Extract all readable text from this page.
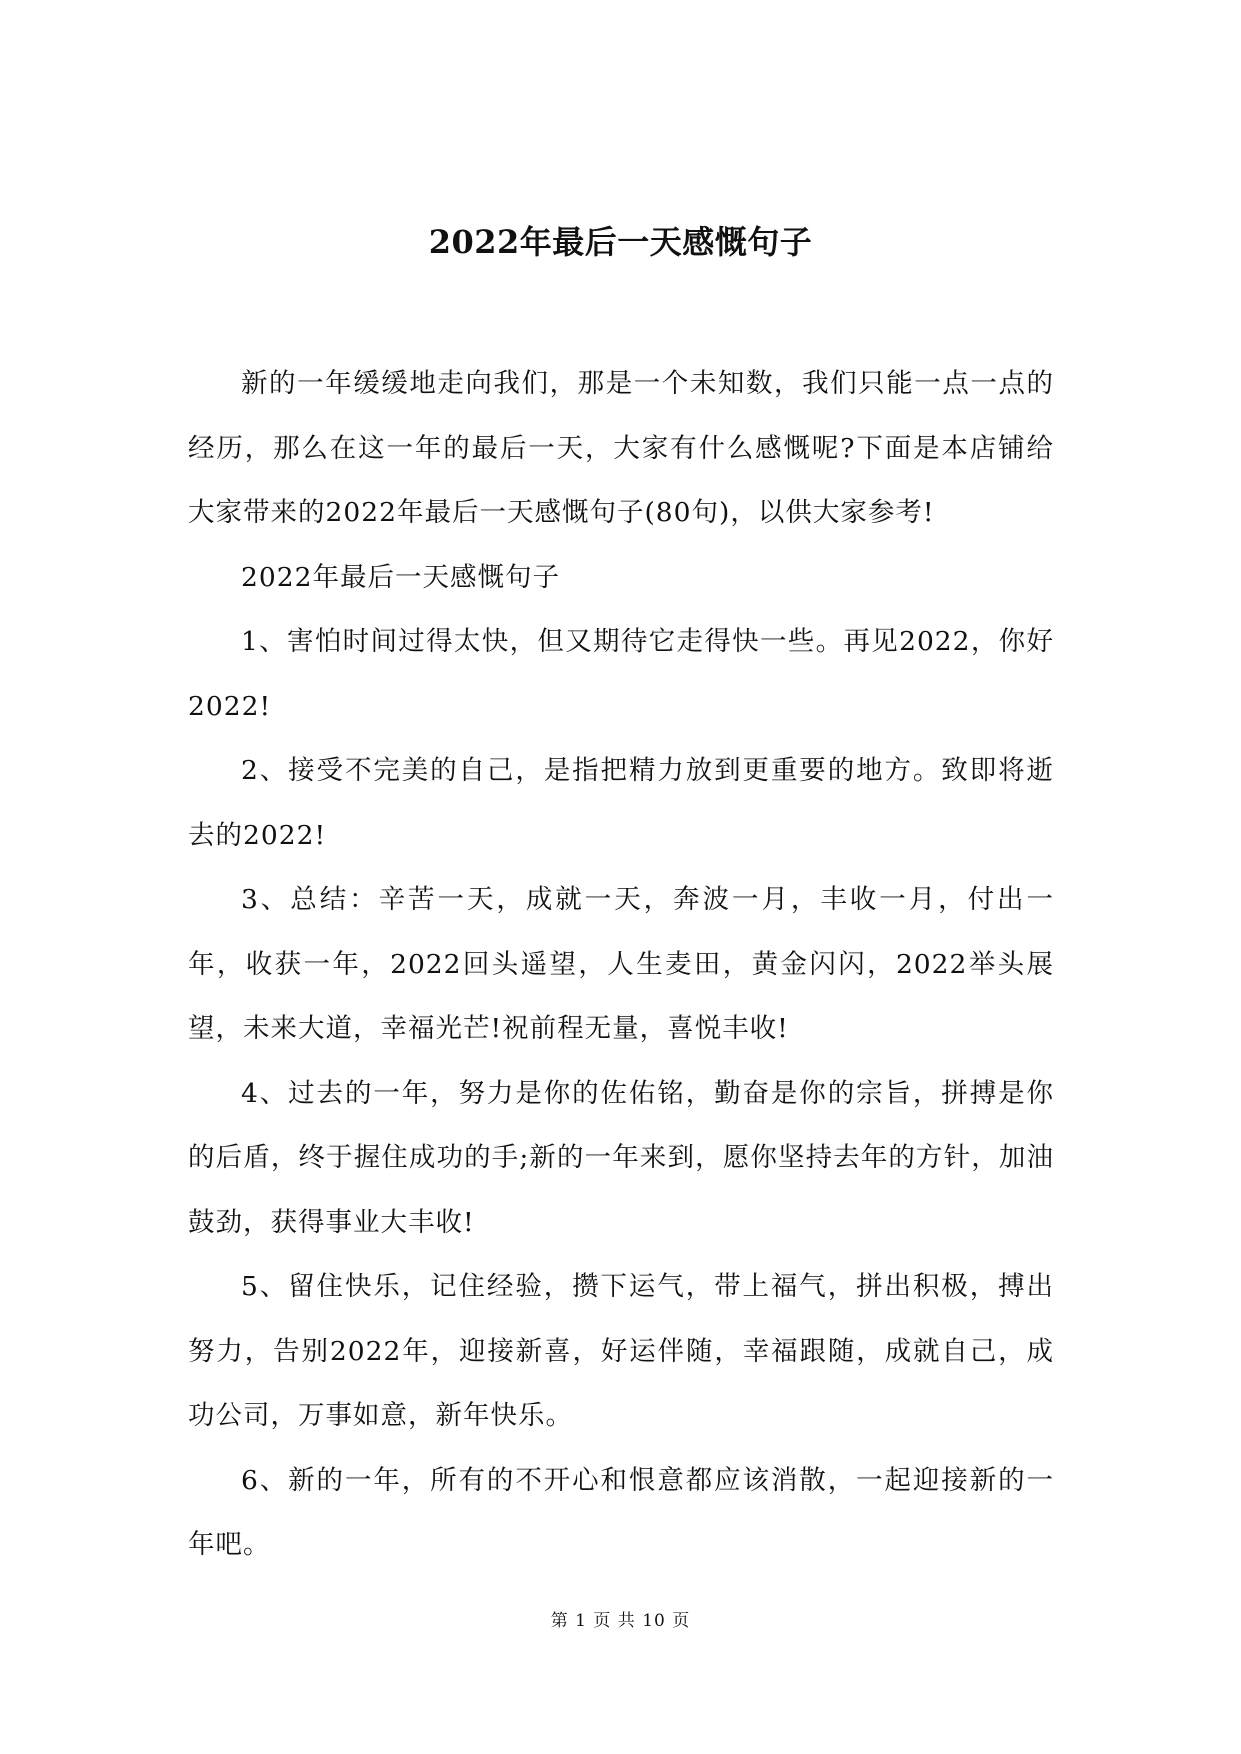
2022年最后一天感慨句子

新的一年缓缓地走向我们，那是一个未知数，我们只能一点一点的经历，那么在这一年的最后一天，大家有什么感慨呢?下面是本店铺给大家带来的2022年最后一天感慨句子(80句)，以供大家参考!

2022年最后一天感慨句子

1、害怕时间过得太快，但又期待它走得快一些。再见2022，你好2022!

2、接受不完美的自己，是指把精力放到更重要的地方。致即将逝去的2022!

3、总结：辛苦一天，成就一天，奔波一月，丰收一月，付出一年，收获一年，2022回头遥望，人生麦田，黄金闪闪，2022举头展望，未来大道，幸福光芒!祝前程无量，喜悦丰收!

4、过去的一年，努力是你的佐佑铭，勤奋是你的宗旨，拼搏是你的后盾，终于握住成功的手;新的一年来到，愿你坚持去年的方针，加油鼓劲，获得事业大丰收!

5、留住快乐，记住经验，攒下运气，带上福气，拼出积极，搏出努力，告别2022年，迎接新喜，好运伴随，幸福跟随，成就自己，成功公司，万事如意，新年快乐。

6、新的一年，所有的不开心和恨意都应该消散，一起迎接新的一年吧。

第 1 页 共 10 页
